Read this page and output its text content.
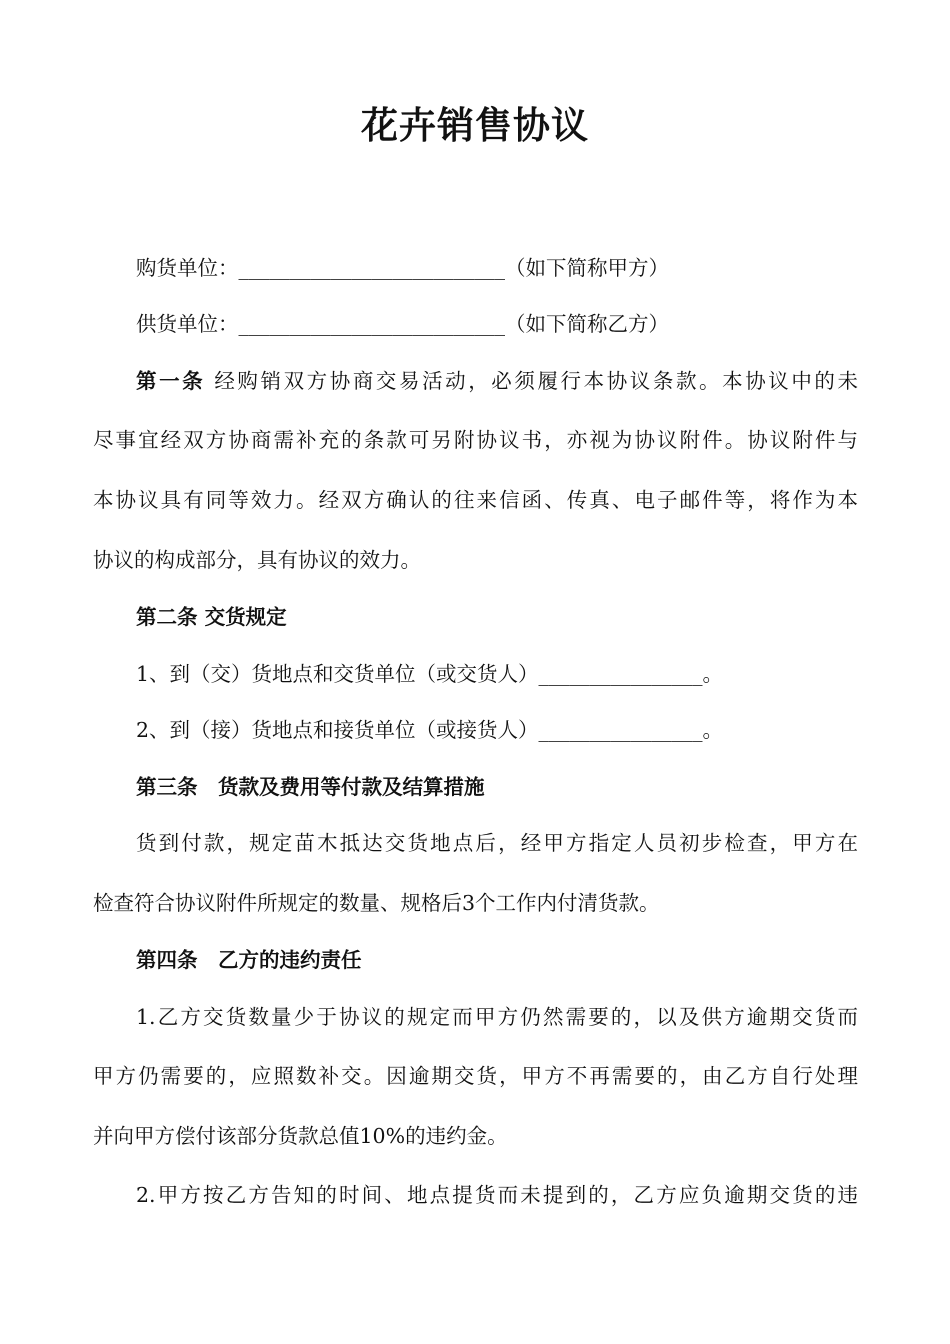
花卉销售协议
购货单位：__________________________（如下简称甲方）
供货单位：__________________________（如下简称乙方）
第一条 经购销双方协商交易活动，必须履行本协议条款。本协议中的未
尽事宜经双方协商需补充的条款可另附协议书，亦视为协议附件。协议附件与
本协议具有同等效力。经双方确认的往来信函、传真、电子邮件等，将作为本
协议的构成部分，具有协议的效力。
第二条 交货规定
1、到（交）货地点和交货单位（或交货人）________________。
2、到（接）货地点和接货单位（或接货人）________________。
第三条　货款及费用等付款及结算措施
货到付款，规定苗木抵达交货地点后，经甲方指定人员初步检查，甲方在
检查符合协议附件所规定的数量、规格后3个工作内付清货款。
第四条　乙方的违约责任
1.乙方交货数量少于协议的规定而甲方仍然需要的，以及供方逾期交货而
甲方仍需要的，应照数补交。因逾期交货，甲方不再需要的，由乙方自行处理
并向甲方偿付该部分货款总值10%的违约金。
2.甲方按乙方告知的时间、地点提货而未提到的，乙方应负逾期交货的违
